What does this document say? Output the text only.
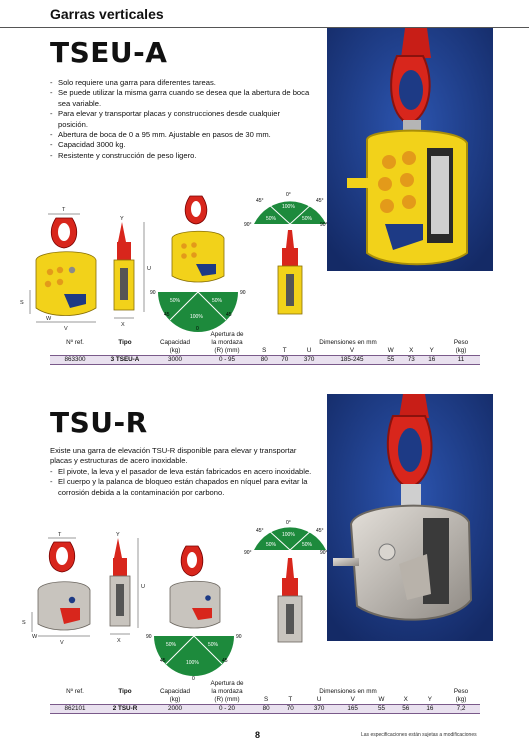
Garras verticales
TSEU-A
- Solo requiere una garra para diferentes tareas.
- Se puede utilizar la misma garra cuando se desea que la abertura de boca sea variable.
- Para elevar y transportar placas y construcciones desde cualquier posición.
- Abertura de boca de 0 a 95 mm. Ajustable en pasos de 30 mm.
- Capacidad 3000 kg.
- Resistente y construcción de peso ligero.
T
S
W
V
Y
U
X
90	90
45	45
0
50%	50%
100%
0°
45°	45°
90°	90°
50%
100%
50%
Nº ref.	Tipo	Capacidad	Apertura de
la mordaza	Dimensiones en mm							Peso
		(kg)	(R) (mm)	S	T	U	V	W	X	Y	(kg)
863300	3 TSEU-A	3000	0 - 95	80	70	370	185-245	55	73	16	11
TSU-R

Existe una garra de elevación TSU-R disponible para elevar y transportar placas y estructuras de acero inoxidable.

- El pivote, la leva y el pasador de leva están fabricados en acero inoxidable.
- El cuerpo y la palanca de bloqueo están chapados en níquel para evitar la corrosión debida a la contaminación por carbono.
T
S
W
V
Y
U
X
90	90
45	45
0
50%	50%
100%
0°
45°	45°
90°	90°
50%
100%
50%
Nº ref.	Tipo	Capacidad	Apertura de
la mordaza	Dimensiones en mm							Peso
		(kg)	(R) (mm)	S	T	U	V	W	X	Y	(kg)
862101	2 TSU-R	2000	0 - 20	80	70	370	165	55	56	16	7,2
8	Las especificaciones están sujetas a modificaciones
